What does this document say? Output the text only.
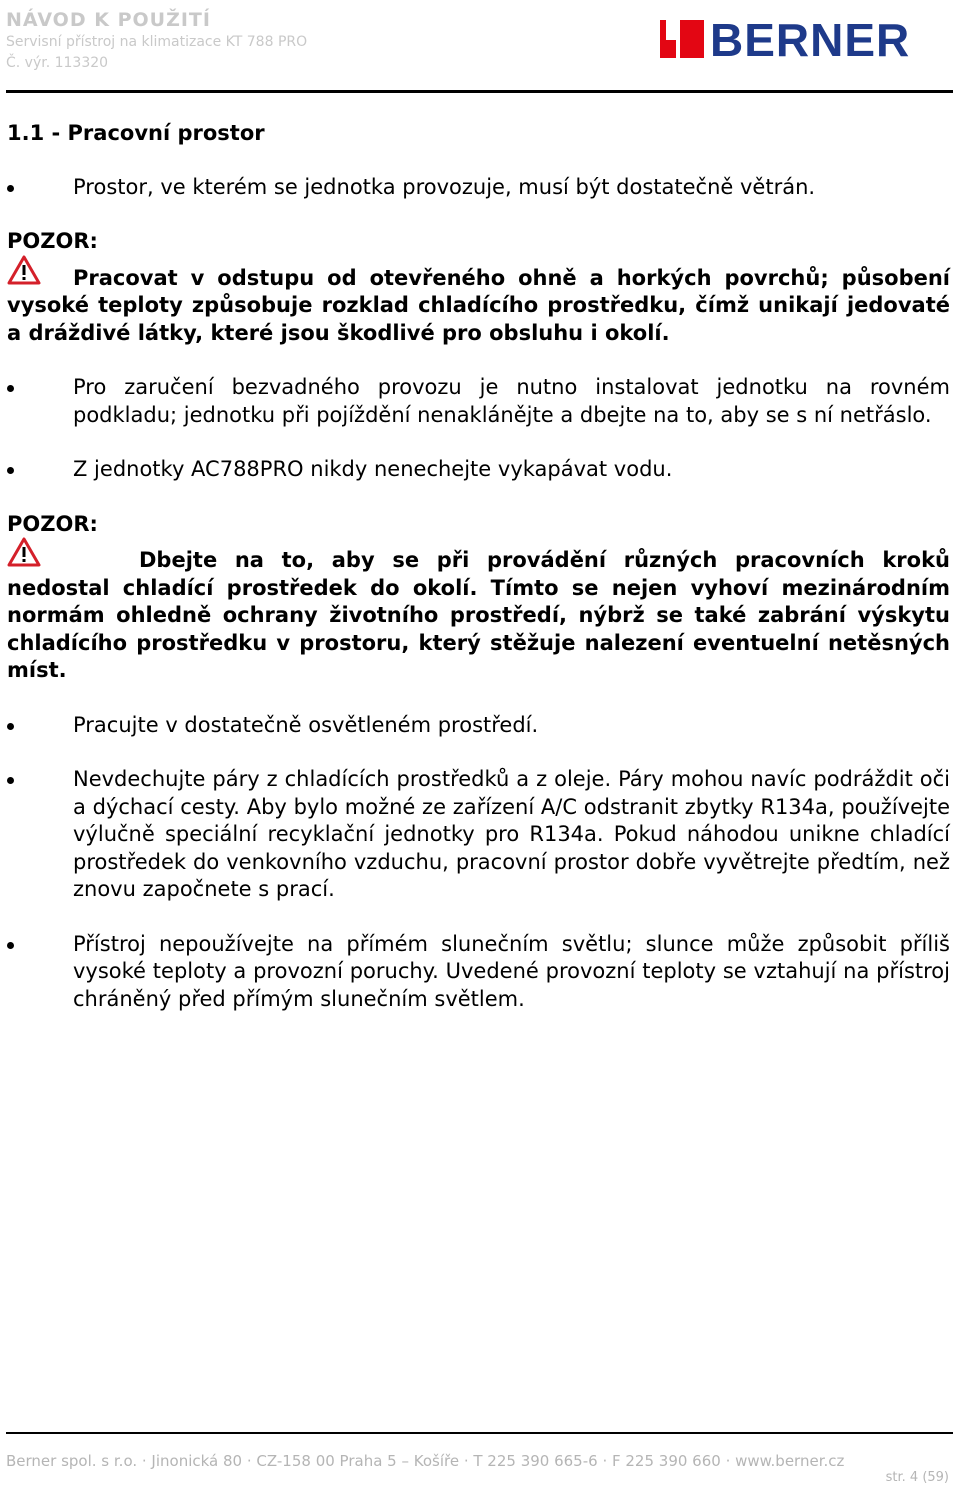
NÁVOD K POUŽITÍ
Servisní přístroj na klimatizace KT 788 PRO
Č. výr. 113320	BERNER
1.1 - Pracovní prostor
Prostor, ve kterém se jednotka provozuje, musí být dostatečně větrán.
POZOR:
Pracovat v odstupu od otevřeného ohně a horkých povrchů; působení vysoké teploty způsobuje rozklad chladícího prostředku, čímž unikají jedovaté a dráždivé látky, které jsou škodlivé pro obsluhu i okolí.
Pro zaručení bezvadného provozu je nutno instalovat jednotku na rovném podkladu; jednotku při pojíždění nenaklánějte a dbejte na to, aby se s ní netřáslo.
Z jednotky AC788PRO nikdy nenechejte vykapávat vodu.
POZOR:
Dbejte na to, aby se při provádění různých pracovních kroků nedostal chladící prostředek do okolí. Tímto se nejen vyhoví mezinárodním normám ohledně ochrany životního prostředí, nýbrž se také zabrání výskytu chladícího prostředku v prostoru, který stěžuje nalezení eventuelní netěsných míst.
Pracujte v dostatečně osvětleném prostředí.
Nevdechujte páry z chladících prostředků a z oleje. Páry mohou navíc podráždit oči a dýchací cesty. Aby bylo možné ze zařízení A/C odstranit zbytky R134a, používejte výlučně speciální recyklační jednotky pro R134a. Pokud náhodou unikne chladící prostředek do venkovního vzduchu, pracovní prostor dobře vyvětrejte předtím, než znovu započnete s prací.
Přístroj nepoužívejte na přímém slunečním světlu; slunce může způsobit příliš vysoké teploty a provozní poruchy. Uvedené provozní teploty se vztahují na přístroj chráněný před přímým slunečním světlem.
Berner spol. s r.o. · Jinonická 80 · CZ-158 00 Praha 5 – Košíře · T 225 390 665-6 · F 225 390 660 · www.berner.cz
str. 4 (59)
